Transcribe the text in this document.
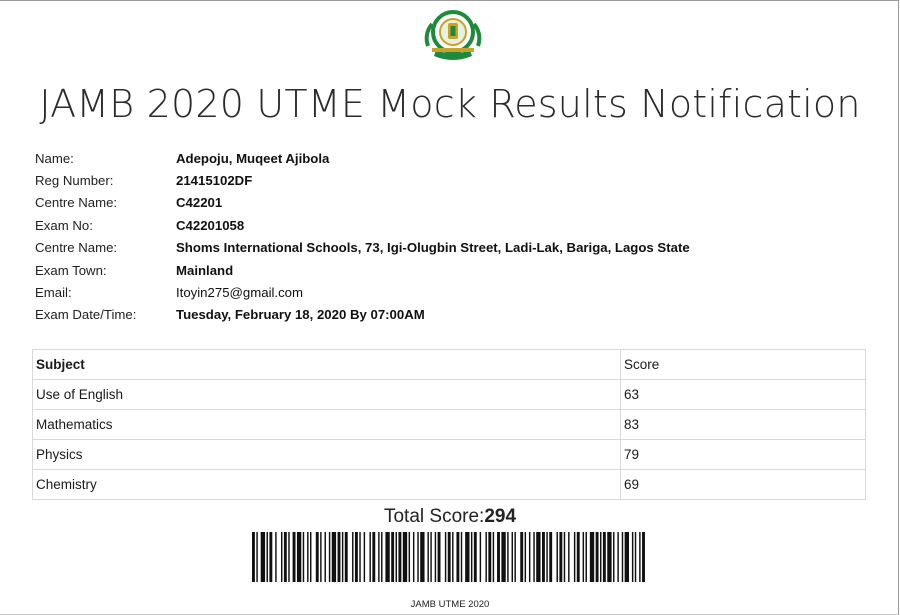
JAMB 2020 UTME Mock Results Notification
Name:	Adepoju, Muqeet Ajibola
Reg Number:	21415102DF
Centre Name:	C42201
Exam No:	C42201058
Centre Name:	Shoms International Schools, 73, Igi-Olugbin Street, Ladi-Lak, Bariga, Lagos State
Exam Town:	Mainland
Email:	Itoyin275@gmail.com
Exam Date/Time:	Tuesday, February 18, 2020 By 07:00AM
Subject	Score
Use of English	63
Mathematics	83
Physics	79
Chemistry	69
Total Score:294
JAMB UTME 2020
